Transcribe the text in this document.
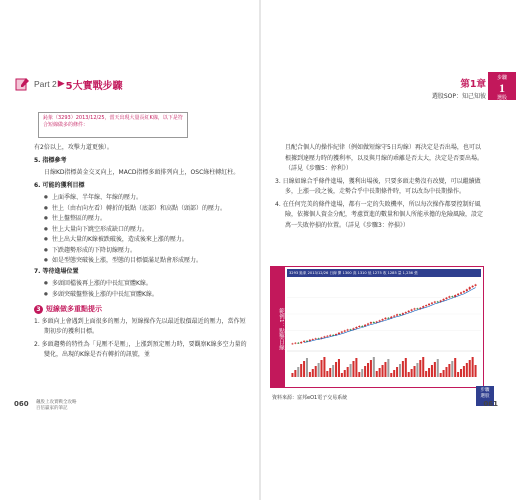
Part 2 ▶ 5大實戰步驟	第1章
選股SOP：知己知彼
步驟
1
選股
有2倍以上，攻擊力道更強）。
5. 指標參考
日線KD指標黃金交叉向上，MACD指標多頭排列向上，OSC綠柱轉紅柱。
6. 可能的獲利目標
● 上面季線、半年線、年線的壓力。
● 往上（由右向左看）轉折的低點（底部）和高點（頭部）的壓力。
● 往上盤整區的壓力。
● 往上大量向下跳空形成缺口的壓力。
● 往上出大量的K線被跌破後，造成後來上漲的壓力。
● 下跌趨勢形成的下降切線壓力。
● 如是型態突破後上漲，型態的目標價滿足點會形成壓力。
7. 等待進場位置
● 多頭回檔後再上漲的中長紅實體K線。
● 多頭突破盤整後上漲的中長紅實體K線。
3 短線做多重點提示
1. 多頭向上會遇到上面很多的壓力，短線操作先以最近股價最近的壓力，當作短期初步的獲利目標。
2. 多頭趨勢的特性為「見壓不是壓」，上漲到預定壓力時，要觀察K線多空力量的變化，出現的K線是否有轉折的訊號，並
且配合個人的操作紀律（例如做短線守5日均線）再決定是否出場，也可以根據到達壓力時的獲利率，以及與月線的乖離是否太大，決定是否要出場。（詳見《步驟5：停利》）
3. 日線如線合乎條件進場，獲利出場後，只要多頭走勢沒有改變，可以繼續做多，上漲一段之後，走勢合乎中長期條件時，可以改為中長期操作。
4. 在任何完美的條件進場，都有一定的失敗機率，所以每次操作都要控制好風險，依據個人資金分配，考慮買進的數量和個人所能承擔的危險風險，設定萬一失敗停損的位置。（詳見《步驟3：停損》）
範例1：點擊日線
3293 鈊象 2013/12/26 日線 開 1300 高 1310 低 1275 收 1285 量 1,236 張
鈊象（3293）2013/12/25，當天出現大量長紅K線，以下是符合短線做多的條件：
資料來源：富邦eO1電子交易系統
060 飆股上攻實戰全攻略
百倍贏家的筆記
步驟
選股
061
